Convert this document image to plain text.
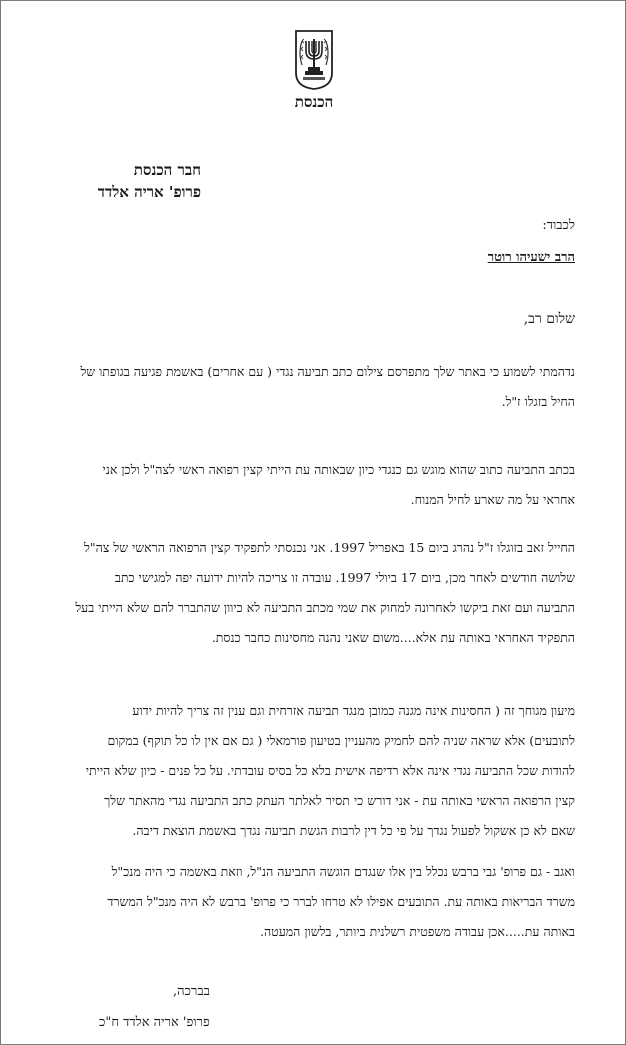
הכנסת
חבר הכנסת
פרופ' אריה אלדד
לכבוד:
הרב ישעיהו רוטר
שלום רב,
נדהמתי לשמוע כי באתר שלך מתפרסם צילום כתב תביעה נגדי ( עם אחרים) באשמת פגיעה בגופתו של
החיל בזגלו ז"ל.
בכתב התביעה כתוב שהוא מוגש גם כנגדי כיון שבאותה עת הייתי קצין רפואה ראשי לצה"ל ולכן אני
אחראי על מה שארע לחיל המנוח.
החייל זאב בזוגלו ז"ל נהרג ביום 15 באפריל 1997. אני נכנסתי לתפקיד קצין הרפואה הראשי של צה"ל
שלושה חודשים לאחר מכן, ביום 17 ביולי 1997. עובדה זו צריכה להיות ידועה יפה למגישי כתב
התביעה ועם זאת ביקשו לאחרונה למחוק את שמי מכתב התביעה לא כיוון שהתברר להם שלא הייתי בעל
התפקיד האחראי באותה עת אלא....משום שאני נהנה מחסינות כחבר כנסת.
מיעון מגוחך זה ( החסינות אינה מגנה כמובן מנגד תביעה אזרחית וגם ענין זה צריך להיות ידוע
לתובעים) אלא שראה שניה להם לחמיק מהעניין בטיעון פורמאלי ( גם אם אין לו כל תוקף) במקום
להודות שכל התביעה נגדי אינה אלא רדיפה אישית בלא כל בסיס עובדתי. על כל פנים - כיון שלא הייתי
קצין הרפואה הראשי באותה עת - אני דורש כי תסיר לאלתר העתק כתב התביעה נגדי מהאתר שלך
שאם לא כן אשקול לפעול נגדך על פי כל דין לרבות הגשת תביעה נגדך באשמת הוצאת דיבה.
ואגב - גם פרופ' גבי ברבש נכלל בין אלו שנגדם הוגשה התביעה הנ"ל, וזאת באשמה כי היה מנכ"ל
משרד הבריאות באותה עת. התובעים אפילו לא טרחו לברר כי פרופ' ברבש לא היה מנכ"ל המשרד
באותה עת.....אכן עבודה משפטית רשלנית ביותר, בלשון המעטה.
בברכה,
פרופ' אריה אלדד ח"כ
